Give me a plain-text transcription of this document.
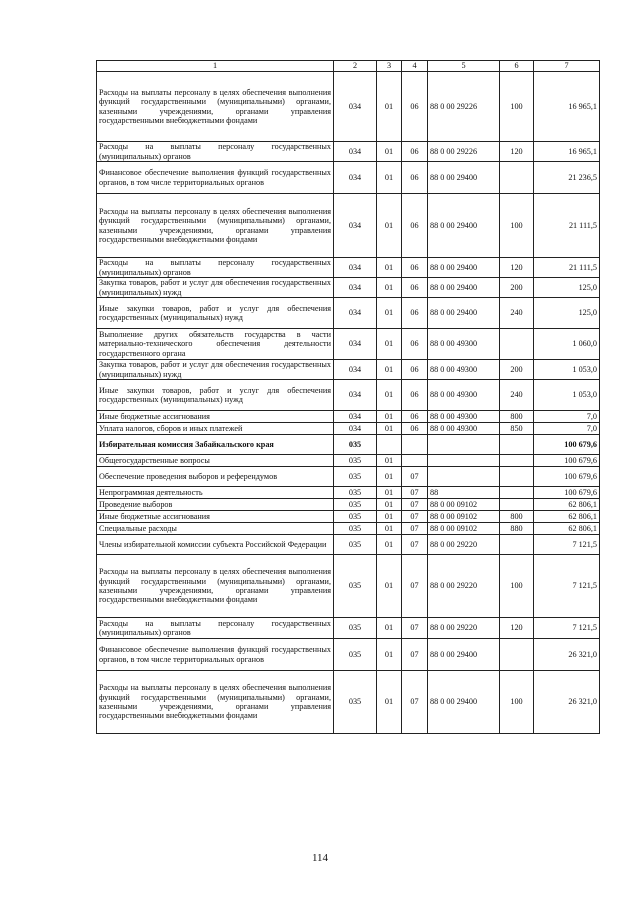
1	2	3	4	5	6	7
Расходы на выплаты персоналу в целях обеспечения выполнения функций государственными (муниципальными) органами, казенными учреждениями, органами управления государственными внебюджетными фондами	034	01	06	88 0 00 29226	100	16 965,1
Расходы на выплаты персоналу государственных (муниципальных) органов	034	01	06	88 0 00 29226	120	16 965,1
Финансовое обеспечение выполнения функций государственных органов, в том числе территориальных органов	034	01	06	88 0 00 29400		21 236,5
Расходы на выплаты персоналу в целях обеспечения выполнения функций государственными (муниципальными) органами, казенными учреждениями, органами управления государственными внебюджетными фондами	034	01	06	88 0 00 29400	100	21 111,5
Расходы на выплаты персоналу государственных (муниципальных) органов	034	01	06	88 0 00 29400	120	21 111,5
Закупка товаров, работ и услуг для обеспечения государственных (муниципальных) нужд	034	01	06	88 0 00 29400	200	125,0
Иные закупки товаров, работ и услуг для обеспечения государственных (муниципальных) нужд	034	01	06	88 0 00 29400	240	125,0
Выполнение других обязательств государства в части материально-технического обеспечения деятельности государственного органа	034	01	06	88 0 00 49300		1 060,0
Закупка товаров, работ и услуг для обеспечения государственных (муниципальных) нужд	034	01	06	88 0 00 49300	200	1 053,0
Иные закупки товаров, работ и услуг для обеспечения государственных (муниципальных) нужд	034	01	06	88 0 00 49300	240	1 053,0
Иные бюджетные ассигнования	034	01	06	88 0 00 49300	800	7,0
Уплата налогов, сборов и иных платежей	034	01	06	88 0 00 49300	850	7,0
Избирательная комиссия Забайкальского края	035					100 679,6
Общегосударственные вопросы	035	01				100 679,6
Обеспечение проведения выборов и референдумов	035	01	07			100 679,6
Непрограммная деятельность	035	01	07	88		100 679,6
Проведение выборов	035	01	07	88 0 00 09102		62 806,1
Иные бюджетные ассигнования	035	01	07	88 0 00 09102	800	62 806,1
Специальные расходы	035	01	07	88 0 00 09102	880	62 806,1
Члены избирательной комиссии субъекта Российской Федерации	035	01	07	88 0 00 29220		7 121,5
Расходы на выплаты персоналу в целях обеспечения выполнения функций государственными (муниципальными) органами, казенными учреждениями, органами управления государственными внебюджетными фондами	035	01	07	88 0 00 29220	100	7 121,5
Расходы на выплаты персоналу государственных (муниципальных) органов	035	01	07	88 0 00 29220	120	7 121,5
Финансовое обеспечение выполнения функций государственных органов, в том числе территориальных органов	035	01	07	88 0 00 29400		26 321,0
Расходы на выплаты персоналу в целях обеспечения выполнения функций государственными (муниципальными) органами, казенными учреждениями, органами управления государственными внебюджетными фондами	035	01	07	88 0 00 29400	100	26 321,0
114
